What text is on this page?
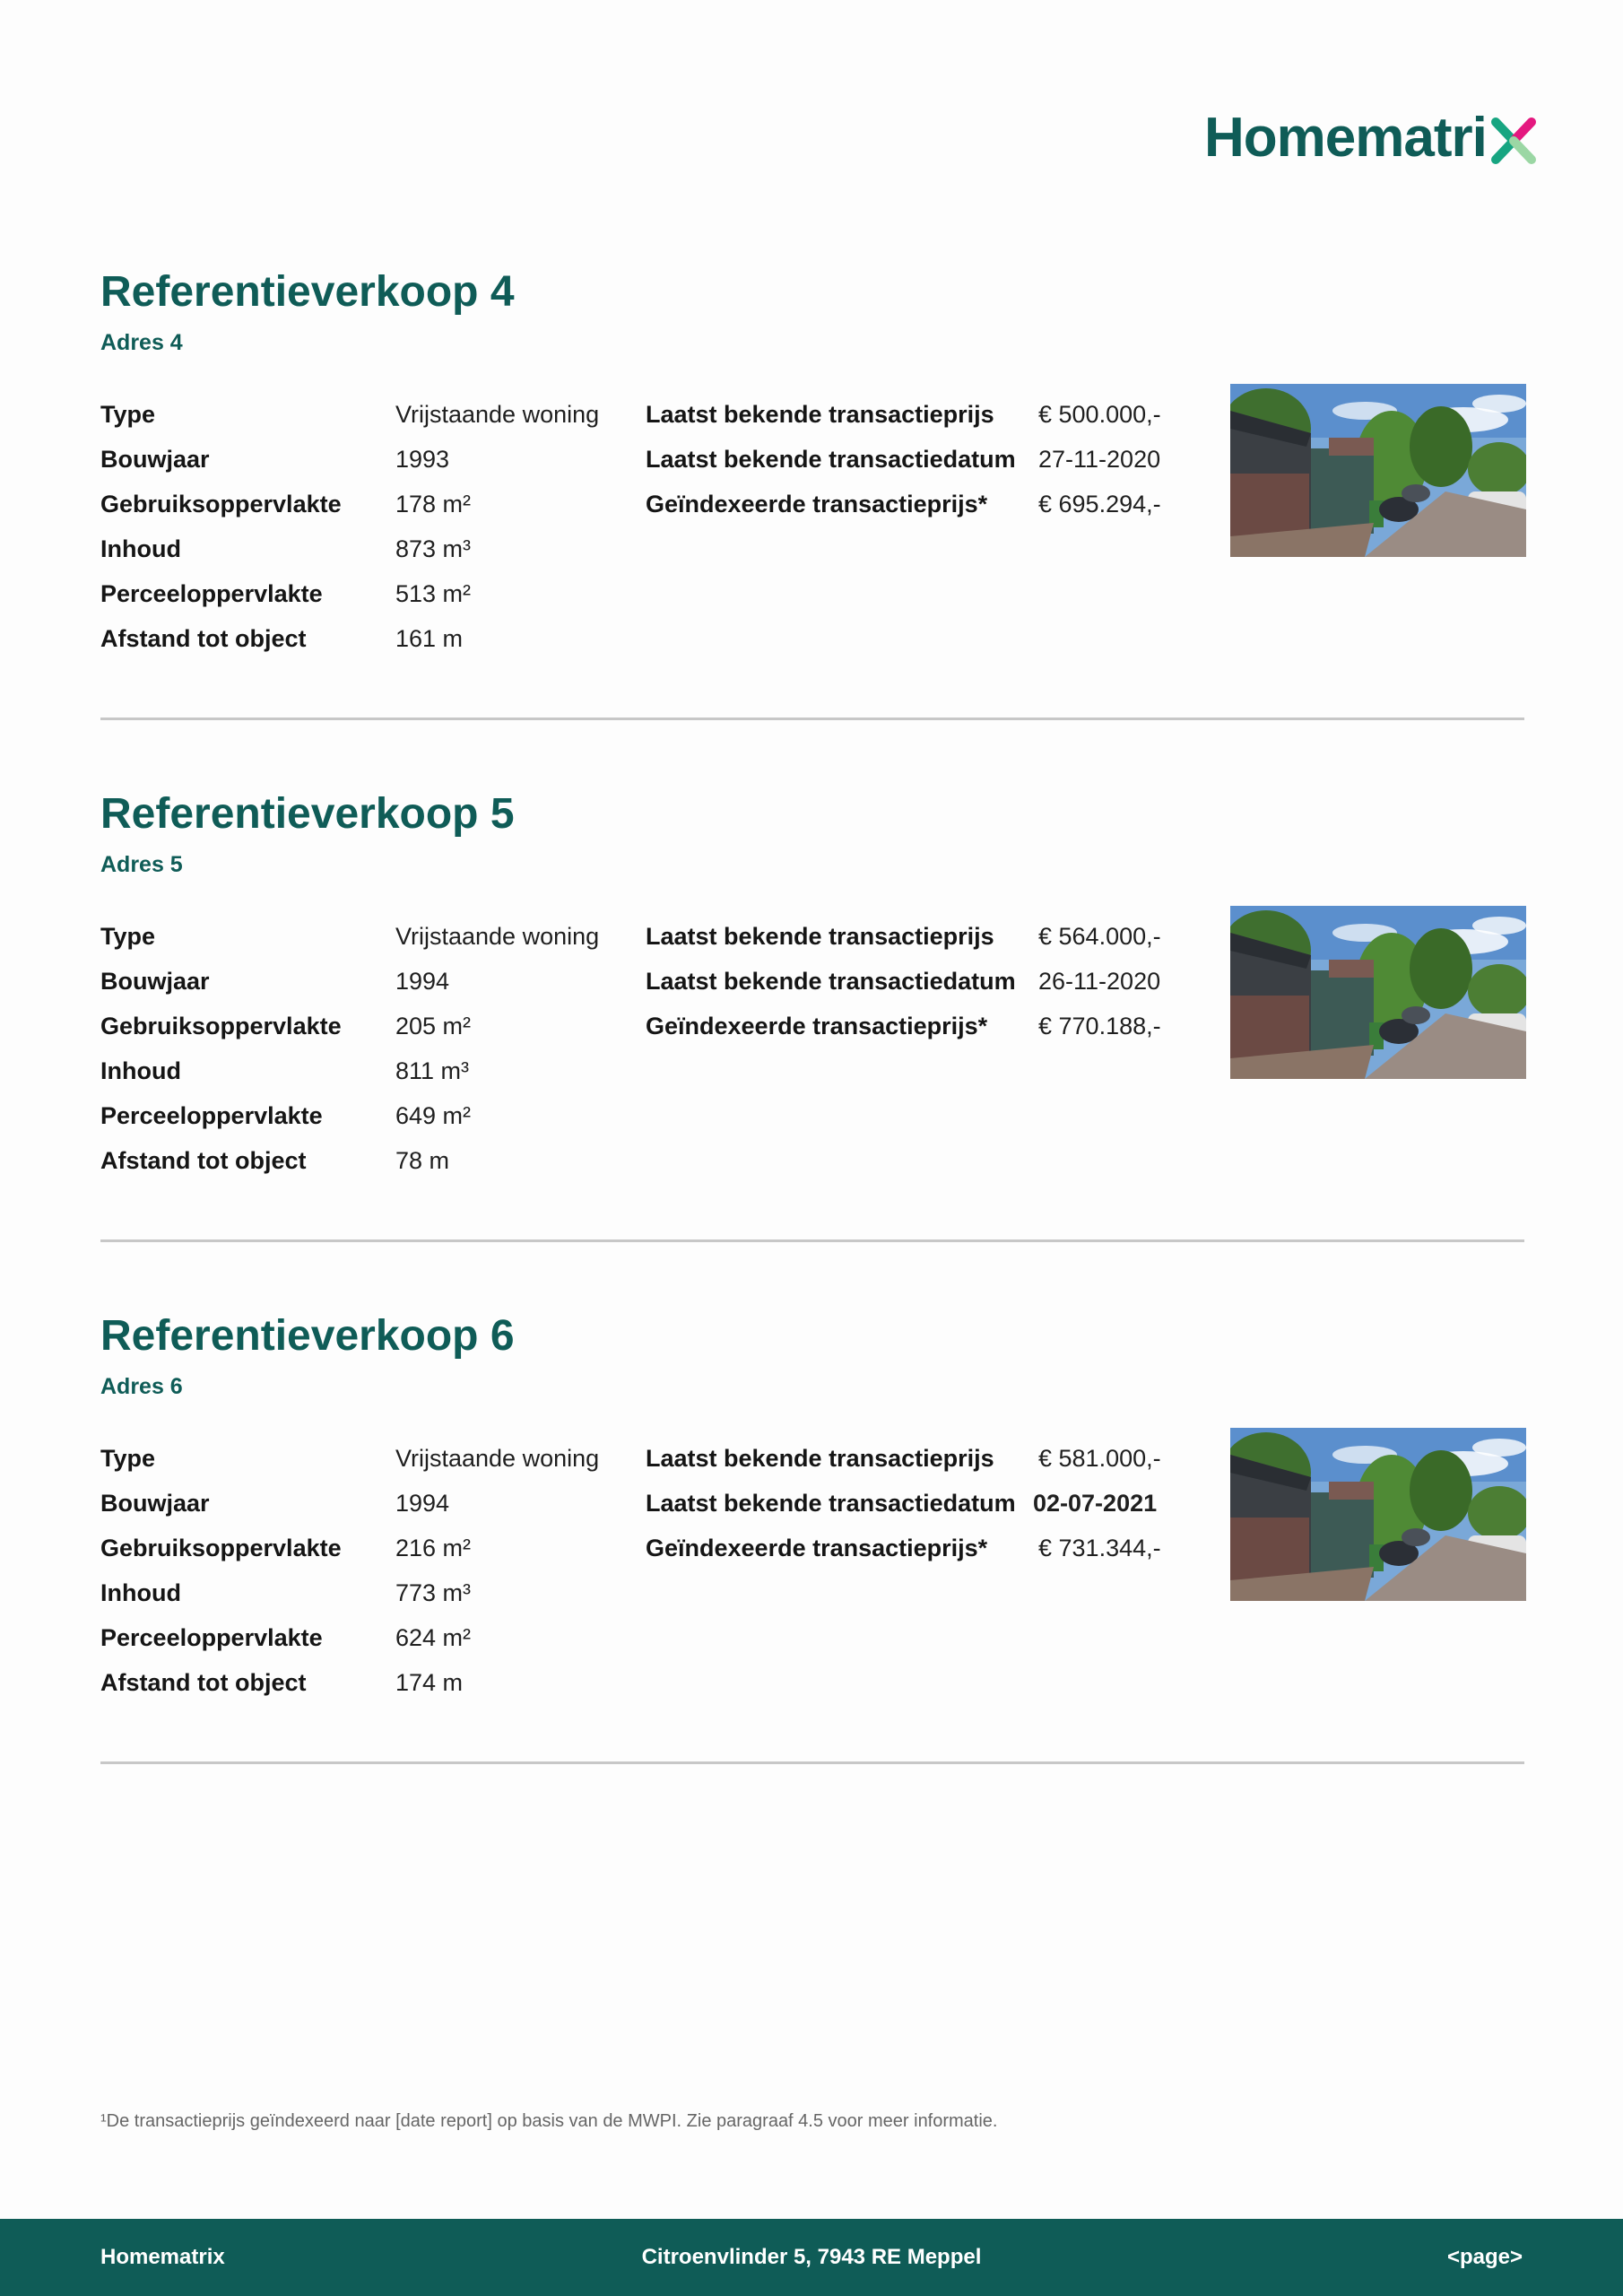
Homematri
Referentieverkoop 4
Adres 4
Type	Vrijstaande woning
Bouwjaar	1993
Gebruiksoppervlakte 178 m²
Inhoud	873 m³
Perceeloppervlakte	513 m²
Afstand tot object	161 m
Laatst bekende transactieprijs € 500.000,-
Laatst bekende transactiedatum 27-11-2020
Geïndexeerde transactieprijs* € 695.294,-
Referentieverkoop 5
Adres 5
Type	Vrijstaande woning
Bouwjaar	1994
Gebruiksoppervlakte 205 m²
Inhoud	811 m³
Perceeloppervlakte	649 m²
Afstand tot object	78 m
Laatst bekende transactieprijs € 564.000,-
Laatst bekende transactiedatum 26-11-2020
Geïndexeerde transactieprijs* € 770.188,-
Referentieverkoop 6
Adres 6
Type	Vrijstaande woning
Bouwjaar	1994
Gebruiksoppervlakte 216 m²
Inhoud	773 m³
Perceeloppervlakte	624 m²
Afstand tot object	174 m
Laatst bekende transactieprijs € 581.000,-
Laatst bekende transactiedatum 02-07-2021
Geïndexeerde transactieprijs* € 731.344,-
¹De transactieprijs geïndexeerd naar [date report] op basis van de MWPI. Zie paragraaf 4.5 voor meer informatie.
Homematrix	Citroenvlinder 5, 7943 RE Meppel	<page>
